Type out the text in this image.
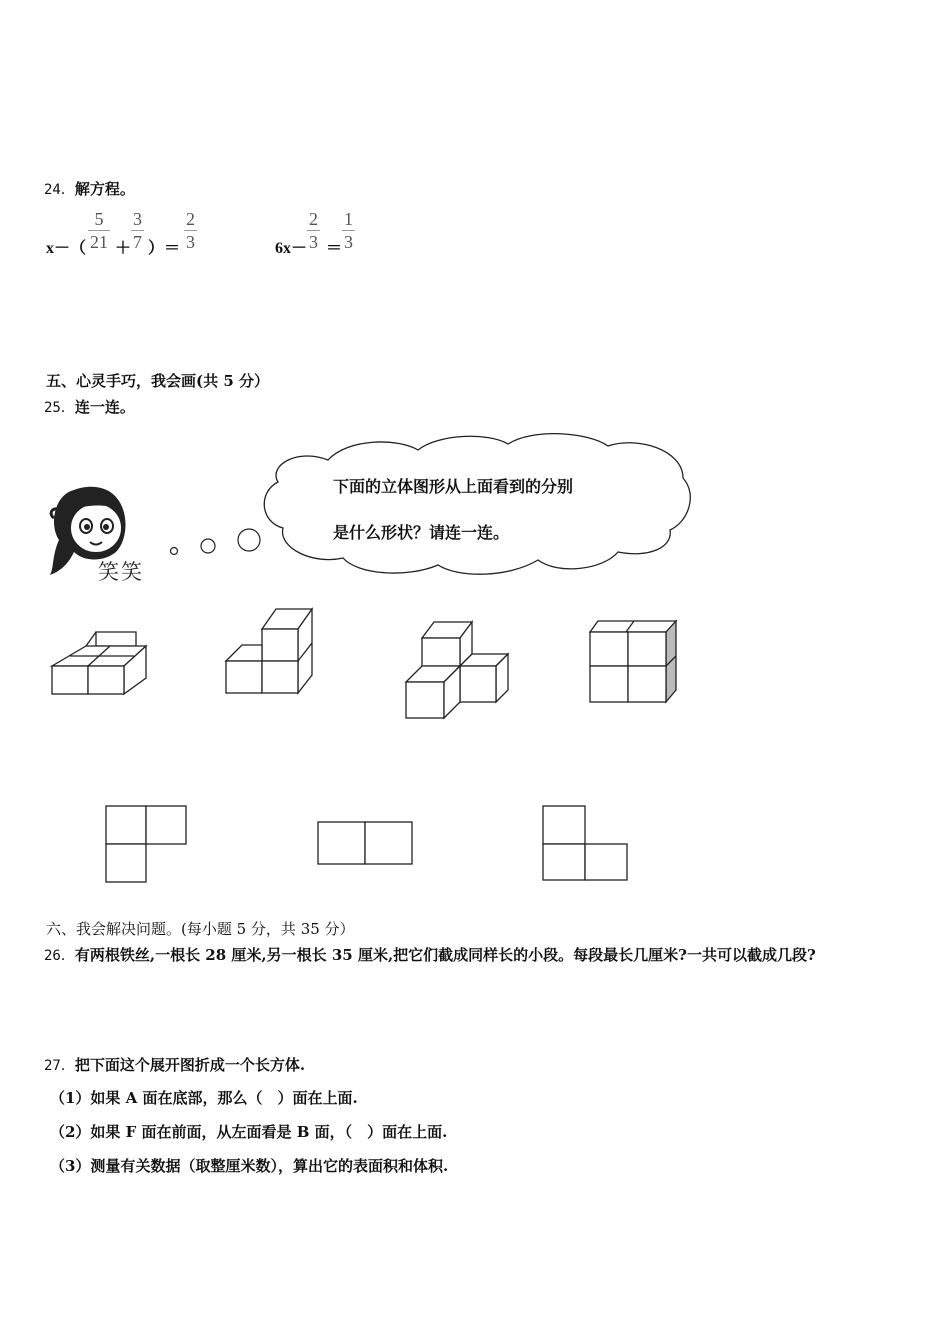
24．解方程。
x－（
5
21 ＋
3
7 ）＝
2
3	6x－
2
3 ＝
1
3
五、心灵手巧，我会画(共 5 分）
25．连一连。
笑笑
下面的立体图形从上面看到的分别
是什么形状？请连一连。
六、我会解决问题。(每小题 5 分，共 35 分）
26．有两根铁丝,一根长 28 厘米,另一根长 35 厘米,把它们截成同样长的小段。每段最长几厘米?一共可以截成几段?
27．把下面这个展开图折成一个长方体.
（1）如果 A 面在底部，那么（　）面在上面.
（2）如果 F 面在前面，从左面看是 B 面，（　）面在上面.
（3）测量有关数据（取整厘米数），算出它的表面积和体积.
